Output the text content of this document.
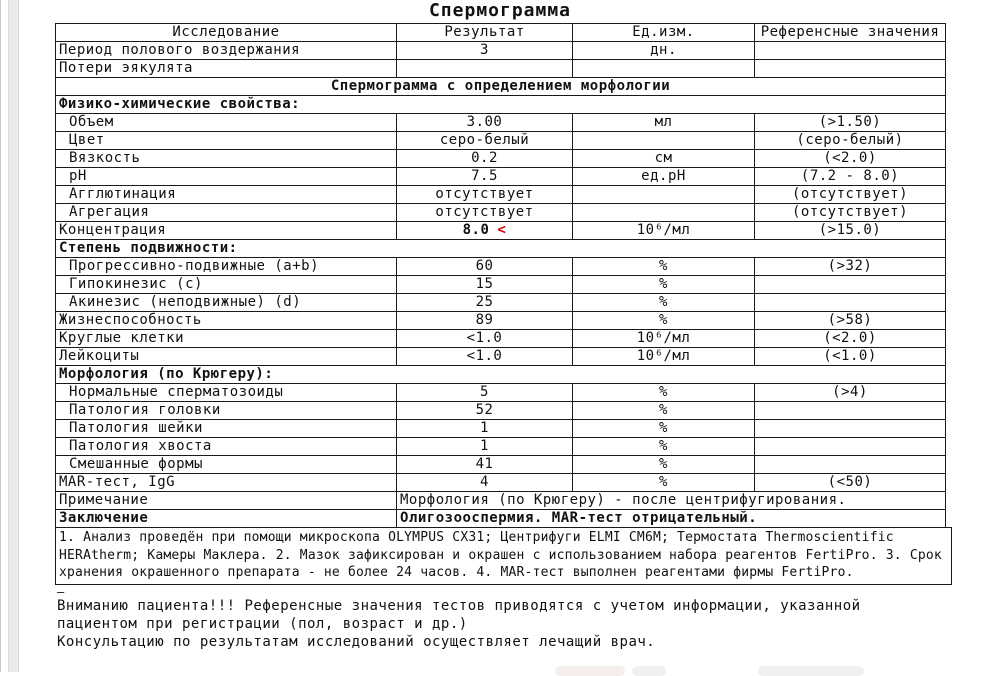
Спермограмма
Исследование	Результат	Ед.изм.	Референсные значения
Период полового воздержания	3	дн.	
Потери эякулята			
Спермограмма с определением морфологии			
Физико-химические свойства:			
Объем	3.00	мл	(>1.50)
Цвет	серо-белый		(серо-белый)
Вязкость	0.2	см	(<2.0)
pH	7.5	ед.pH	(7.2 - 8.0)
Агглютинация	отсутствует		(отсутствует)
Агрегация	отсутствует		(отсутствует)
Концентрация	8.0 <	10⁶/мл	(>15.0)
Степень подвижности:			
Прогрессивно-подвижные (a+b)	60	%	(>32)
Гипокинезис (c)	15	%	
Акинезис (неподвижные) (d)	25	%	
Жизнеспособность	89	%	(>58)
Круглые клетки	<1.0	10⁶/мл	(<2.0)
Лейкоциты	<1.0	10⁶/мл	(<1.0)
Морфология (по Крюгеру):			
Нормальные сперматозоиды	5	%	(>4)
Патология головки	52	%	
Патология шейки	1	%	
Патология хвоста	1	%	
Смешанные формы	41	%	
MAR-тест, IgG	4	%	(<50)
Примечание	Морфология (по Крюгеру) - после центрифугирования.		
Заключение	Олигозооспермия. MAR-тест отрицательный.		
1. Анализ проведён при помощи микроскопа OLYMPUS CX31; Центрифуги ELMI CM6M; Термостата Thermoscientific
HERAtherm; Камеры Маклера. 2. Мазок зафиксирован и окрашен с использованием набора реагентов FertiPro. 3. Срок
хранения окрашенного препарата - не более 24 часов. 4. MAR-тест выполнен реагентами фирмы FertiPro.
—
Вниманию пациента!!! Референсные значения тестов приводятся с учетом информации, указанной
пациентом при регистрации (пол, возраст и др.)
Консультацию по результатам исследований осуществляет лечащий врач.
